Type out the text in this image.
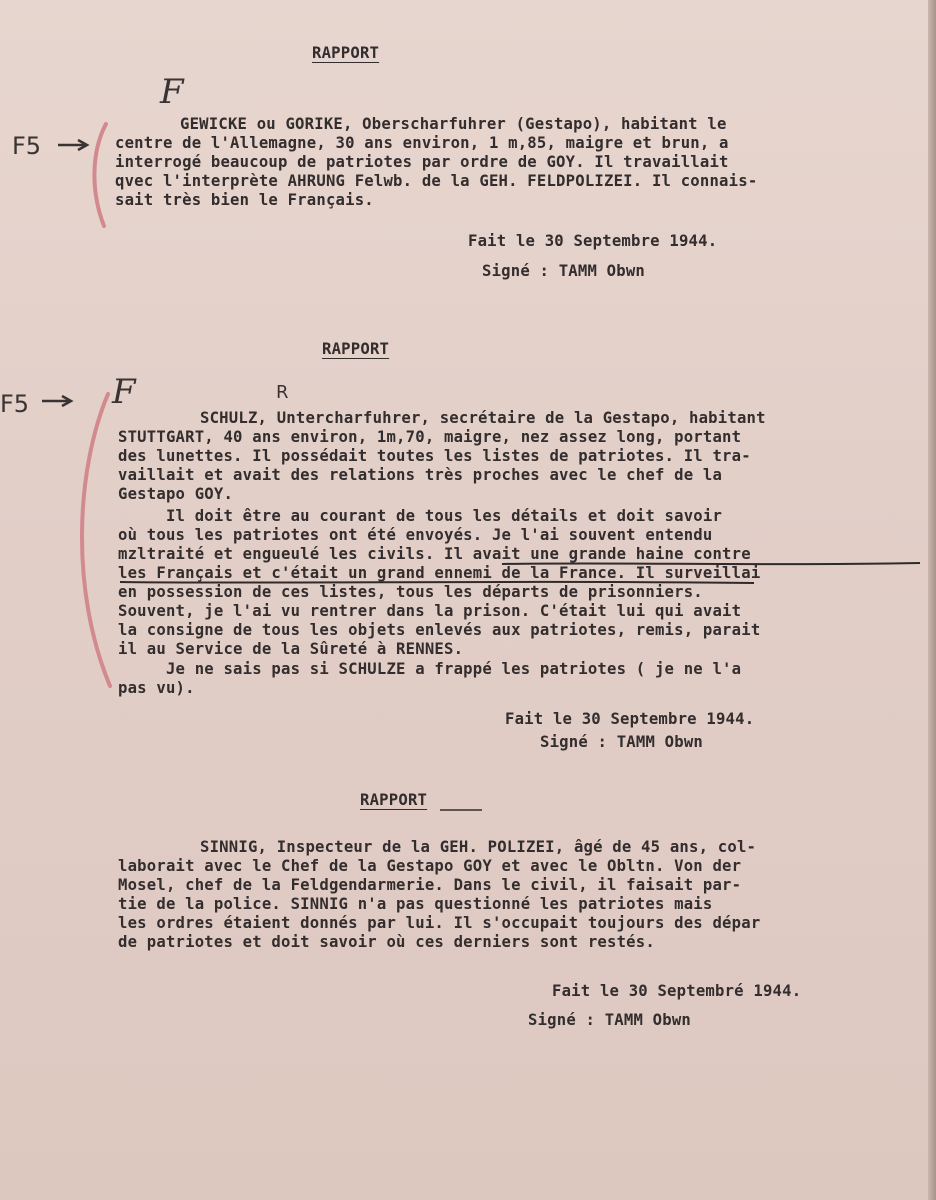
RAPPORT
F5
F
GEWICKE ou GORIKE, Oberscharfuhrer (Gestapo), habitant le
centre de l'Allemagne, 30 ans environ, 1 m,85, maigre et brun, a
interrogé beaucoup de patriotes par ordre de GOY. Il travaillait
qvec l'interprète AHRUNG Felwb. de la GEH. FELDPOLIZEI. Il connais-
sait très bien le Français.
Fait le 30 Septembre 1944.
Signé : TAMM Obwn
RAPPORT
F5 F	R
SCHULZ, Untercharfuhrer, secrétaire de la Gestapo, habitant
STUTTGART, 40 ans environ, 1m,70, maigre, nez assez long, portant
des lunettes. Il possédait toutes les listes de patriotes. Il tra-
vaillait et avait des relations très proches avec le chef de la
Gestapo GOY.
Il doit être au courant de tous les détails et doit savoir
où tous les patriotes ont été envoyés. Je l'ai souvent entendu
mzltraité et engueulé les civils. Il avait une grande haine contre
les Français et c'était un grand ennemi de la France. Il surveillai
en possession de ces listes, tous les départs de prisonniers.
Souvent, je l'ai vu rentrer dans la prison. C'était lui qui avait
la consigne de tous les objets enlevés aux patriotes, remis, parait
il au Service de la Sûreté à RENNES.
Je ne sais pas si SCHULZE a frappé les patriotes ( je ne l'a
pas vu).
Fait le 30 Septembre 1944.
Signé : TAMM Obwn
RAPPORT
SINNIG, Inspecteur de la GEH. POLIZEI, âgé de 45 ans, col-
laborait avec le Chef de la Gestapo GOY et avec le Obltn. Von der
Mosel, chef de la Feldgendarmerie. Dans le civil, il faisait par-
tie de la police. SINNIG n'a pas questionné les patriotes mais
les ordres étaient donnés par lui. Il s'occupait toujours des dépar
de patriotes et doit savoir où ces derniers sont restés.
Fait le 30 Septembré 1944.
Signé : TAMM Obwn
